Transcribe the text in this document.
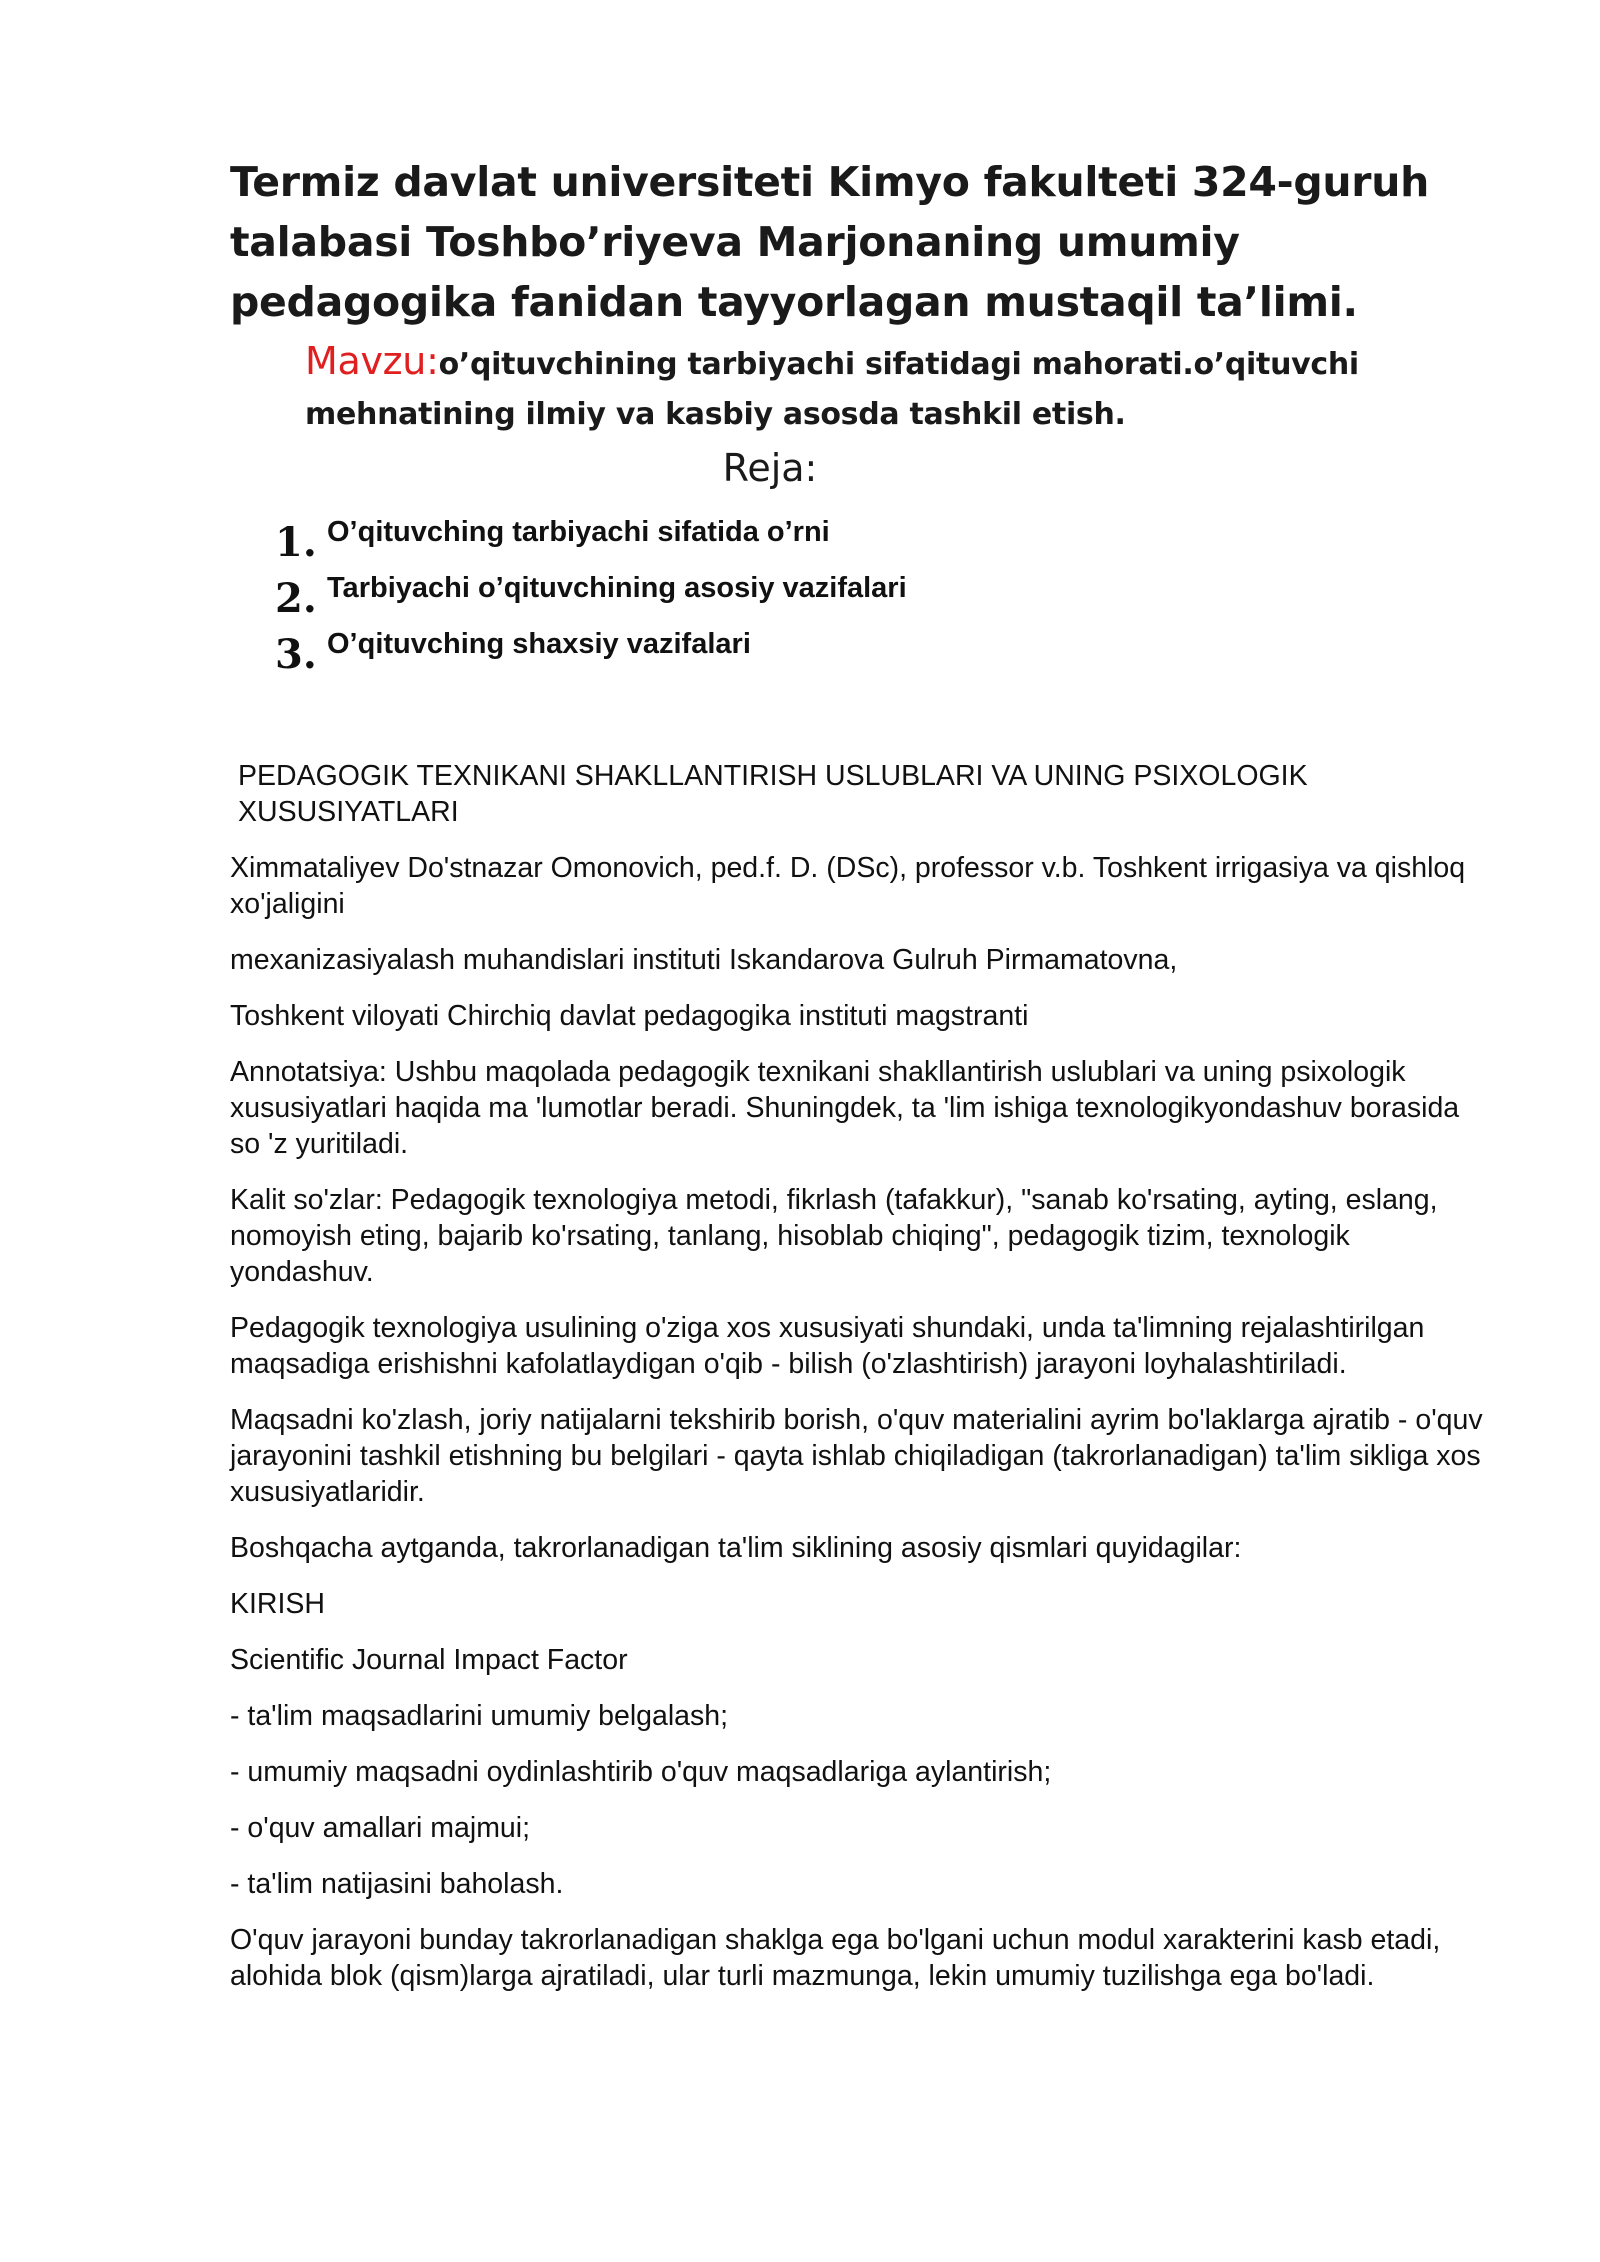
Termiz davlat universiteti Kimyo fakulteti 324-guruh talabasi Toshbo’riyeva Marjonaning umumiy pedagogika fanidan tayyorlagan mustaqil ta’limi.
Mavzu:o’qituvchining tarbiyachi sifatidagi mahorati.o’qituvchi mehnatining ilmiy va kasbiy asosda tashkil etish.
Reja:
1. O’qituvching tarbiyachi sifatida o’rni
2. Tarbiyachi o’qituvchining asosiy vazifalari
3. O’qituvching shaxsiy vazifalari

PEDAGOGIK TEXNIKANI SHAKLLANTIRISH USLUBLARI VA UNING PSIXOLOGIK XUSUSIYATLARI

Ximmataliyev Do'stnazar Omonovich, ped.f. D. (DSc), professor v.b. Toshkent irrigasiya va qishloq xo'jaligini

mexanizasiyalash muhandislari instituti Iskandarova Gulruh Pirmamatovna,

Toshkent viloyati Chirchiq davlat pedagogika instituti magstranti

Annotatsiya: Ushbu maqolada pedagogik texnikani shakllantirish uslublari va uning psixologik xususiyatlari haqida ma 'lumotlar beradi. Shuningdek, ta 'lim ishiga texnologikyondashuv borasida so 'z yuritiladi.

Kalit so'zlar: Pedagogik texnologiya metodi, fikrlash (tafakkur), "sanab ko'rsating, ayting, eslang, nomoyish eting, bajarib ko'rsating, tanlang, hisoblab chiqing", pedagogik tizim, texnologik yondashuv.

Pedagogik texnologiya usulining o'ziga xos xususiyati shundaki, unda ta'limning rejalashtirilgan maqsadiga erishishni kafolatlaydigan o'qib - bilish (o'zlashtirish) jarayoni loyhalashtiriladi.

Maqsadni ko'zlash, joriy natijalarni tekshirib borish, o'quv materialini ayrim bo'laklarga ajratib - o'quv jarayonini tashkil etishning bu belgilari - qayta ishlab chiqiladigan (takrorlanadigan) ta'lim sikliga xos xususiyatlaridir.

Boshqacha aytganda, takrorlanadigan ta'lim siklining asosiy qismlari quyidagilar:

KIRISH

Scientific Journal Impact Factor

- ta'lim maqsadlarini umumiy belgalash;

- umumiy maqsadni oydinlashtirib o'quv maqsadlariga aylantirish;

- o'quv amallari majmui;

- ta'lim natijasini baholash.

O'quv jarayoni bunday takrorlanadigan shaklga ega bo'lgani uchun modul xarakterini kasb etadi, alohida blok (qism)larga ajratiladi, ular turli mazmunga, lekin umumiy tuzilishga ega bo'ladi.
